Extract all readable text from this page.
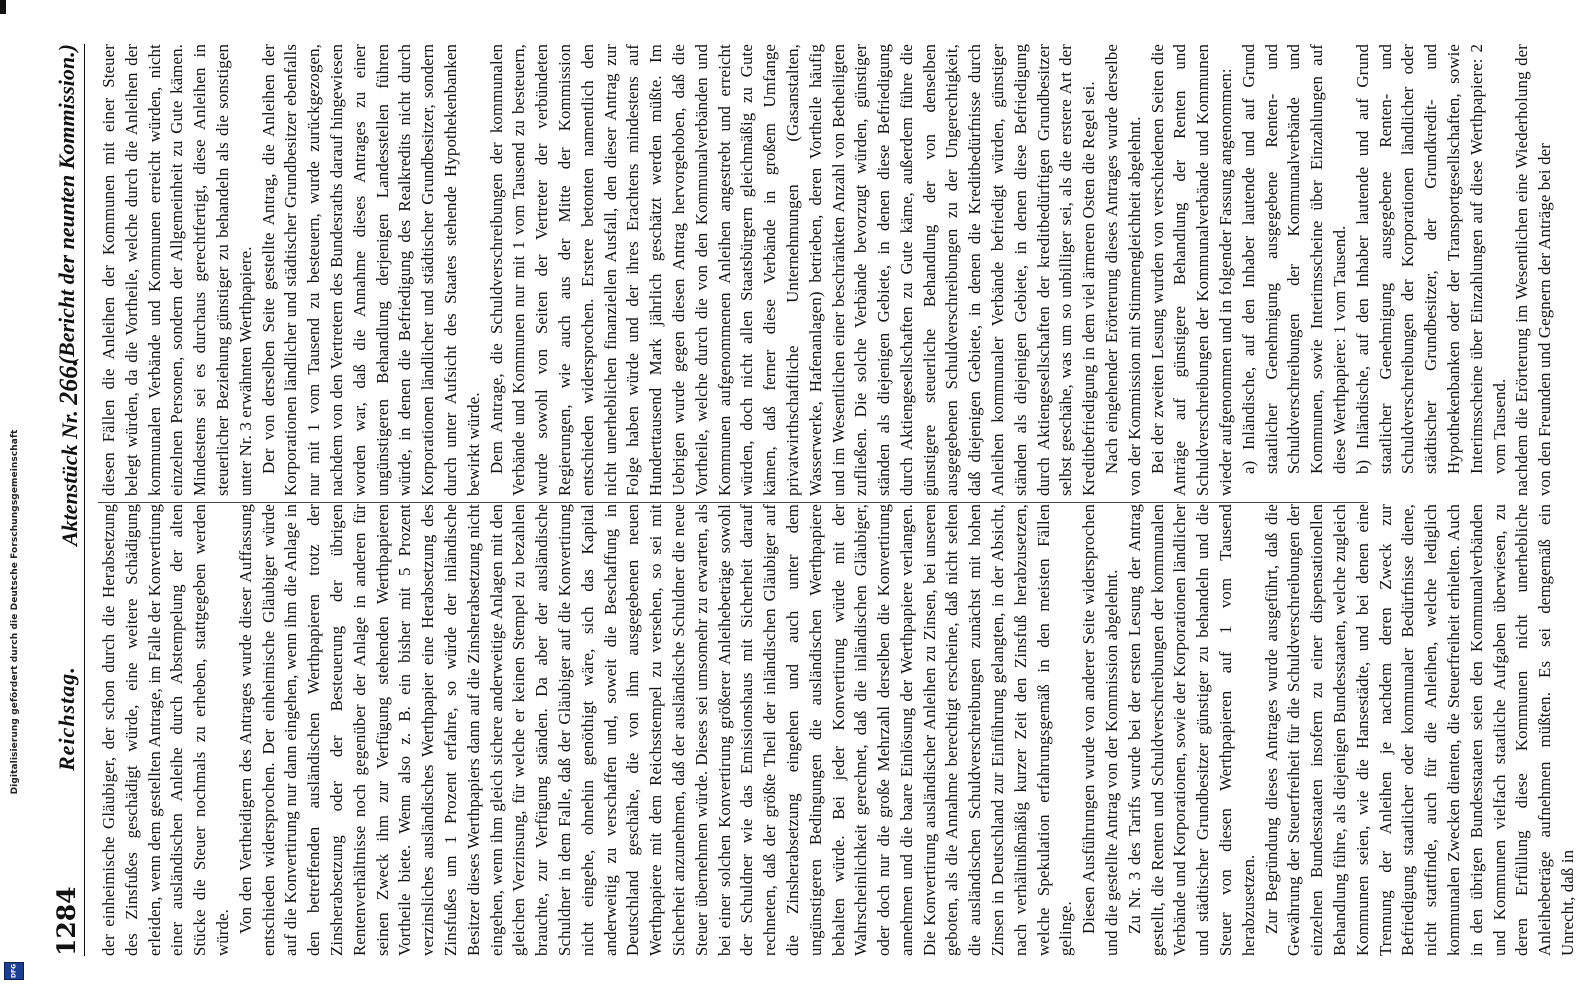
Digitalisierung gefördert durch die Deutsche Forschungsgemeinschaft
DFG
1284
Reichstag.
Aktenstück Nr. 266.
(Bericht der neunten Kommission.)

der einheimische Gläubiger, der schon durch die Herabsetzung des Zinsfußes geschädigt würde, eine weitere Schädigung erleiden, wenn dem gestellten Antrage, im Falle der Konvertirung einer ausländischen Anleihe durch Abstempelung der alten Stücke die Steuer nochmals zu erheben, stattgegeben werden würde. Von den Vertheidigern des Antrages wurde dieser Auffassung entschieden widersprochen. Der einheimische Gläubiger würde auf die Konvertirung nur dann eingehen, wenn ihm die Anlage in den betreffenden ausländischen Werthpapieren trotz der Zinsherabsetzung oder der Besteuerung der übrigen Rentenverhältnisse noch gegenüber der Anlage in anderen für seinen Zweck ihm zur Verfügung stehenden Werthpapieren Vortheile biete. Wenn also z. B. ein bisher mit 5 Prozent verzinsliches ausländisches Werthpapier eine Herabsetzung des Zinsfußes um 1 Prozent erfahre, so würde der inländische Besitzer dieses Werthpapiers dann auf die Zinsherabsetzung nicht eingehen, wenn ihm gleich sichere anderweitige Anlagen mit den gleichen Verzinsung, für welche er keinen Stempel zu bezahlen brauchte, zur Verfügung ständen. Da aber der ausländische Schuldner in dem Falle, daß der Gläubiger auf die Konvertirung nicht eingehe, ohnehin genöthigt wäre, sich das Kapital anderweitig zu verschaffen und, soweit die Beschaffung in Deutschland geschähe, die von ihm ausgegebenen neuen Werthpapiere mit dem Reichsstempel zu versehen, so sei mit Sicherheit anzunehmen, daß der ausländische Schuldner die neue Steuer übernehmen würde. Dieses sei umsomehr zu erwarten, als bei einer solchen Konvertirung größerer Anleihebeträge sowohl der Schuldner wie das Emissionshaus mit Sicherheit darauf rechneten, daß der größte Theil der inländischen Gläubiger auf die Zinsherabsetzung eingehen und auch unter dem ungünstigeren Bedingungen die ausländischen Werthpapiere behalten würde. Bei jeder Konvertirung würde mit der Wahrscheinlichkeit gerechnet, daß die inländischen Gläubiger, oder doch nur die große Mehrzahl derselben die Konvertirung annehmen und die baare Einlösung der Werthpapiere verlangen. Die Konvertirung ausländischer Anleihen zu Zinsen, bei unseren geboten, als die Annahme berechtigt erscheine, daß nicht selten die ausländischen Schuldverschreibungen zunächst mit hohen Zinsen in Deutschland zur Einführung gelangten, in der Absicht, nach verhältnißmäßig kurzer Zeit den Zinsfuß herabzusetzen, welche Spekulation erfahrungsgemäß in den meisten Fällen gelinge. Diesen Ausführungen wurde von anderer Seite widersprochen und die gestellte Antrag von der Kommission abgelehnt. Zu Nr. 3 des Tarifs wurde bei der ersten Lesung der Antrag gestellt, die Renten und Schuldverschreibungen der kommunalen Verbände und Korporationen, sowie der Korporationen ländlicher und städtischer Grundbesitzer günstiger zu behandeln und die Steuer von diesen Werthpapieren auf 1 vom Tausend herabzusetzen. Zur Begründung dieses Antrages wurde ausgeführt, daß die Gewährung der Steuerfreiheit für die Schuldverschreibungen der einzelnen Bundesstaaten insofern zu einer dispensationellen Behandlung führe, als diejenigen Bundesstaaten, welche zugleich Kommunen seien, wie die Hansestädte, und bei denen eine Trennung der Anleihen je nachdem deren Zweck zur Befriedigung staatlicher oder kommunaler Bedürfnisse diene, nicht stattfinde, auch für die Anleihen, welche lediglich kommunalen Zwecken dienten, die Steuerfreiheit erhielten. Auch in den übrigen Bundesstaaten seien den Kommunalverbänden und Kommunen vielfach staatliche Aufgaben überwiesen, zu deren Erfüllung diese Kommunen nicht unerhebliche Anleihebeträge aufnehmen müßten. Es sei demgemäß ein Unrecht, daß in

diesen Fällen die Anleihen der Kommunen mit einer Steuer belegt würden, da die Vortheile, welche durch die Anleihen der kommunalen Verbände und Kommunen erreicht würden, nicht einzelnen Personen, sondern der Allgemeinheit zu Gute kämen. Mindestens sei es durchaus gerechtfertigt, diese Anleihen in steuerlicher Beziehung günstiger zu behandeln als die sonstigen unter Nr. 3 erwähnten Werthpapiere. Der von derselben Seite gestellte Antrag, die Anleihen der Korporationen ländlicher und städtischer Grundbesitzer ebenfalls nur mit 1 vom Tausend zu besteuern, wurde zurückgezogen, nachdem von den Vertretern des Bundesraths darauf hingewiesen worden war, daß die Annahme dieses Antrages zu einer ungünstigeren Behandlung derjenigen Landesstellen führen würde, in denen die Befriedigung des Realkredits nicht durch Korporationen ländlicher und städtischer Grundbesitzer, sondern durch unter Aufsicht des Staates stehende Hypothekenbanken bewirkt würde. Dem Antrage, die Schuldverschreibungen der kommunalen Verbände und Kommunen nur mit 1 vom Tausend zu besteuern, wurde sowohl von Seiten der Vertreter der verbündeten Regierungen, wie auch aus der Mitte der Kommission entschieden widersprochen. Erstere betonten namentlich den nicht unerheblichen finanziellen Ausfall, den dieser Antrag zur Folge haben würde und der ihres Erachtens mindestens auf Hunderttausend Mark jährlich geschätzt werden müßte. Im Uebrigen wurde gegen diesen Antrag hervorgehoben, daß die Vortheile, welche durch die von den Kommunalverbänden und Kommunen aufgenommenen Anleihen angestrebt und erreicht würden, doch nicht allen Staatsbürgern gleichmäßig zu Gute kämen, daß ferner diese Verbände in großem Umfange privatwirthschaftliche Unternehmungen (Gasanstalten, Wasserwerke, Hafenanlagen) betrieben, deren Vortheile häufig und im Wesentlichen einer beschränkten Anzahl von Betheiligten zufließen. Die solche Verbände bevorzugt würden, günstiger ständen als diejenigen Gebiete, in denen diese Befriedigung durch Aktiengesellschaften zu Gute käme, außerdem führe die günstigere steuerliche Behandlung der von denselben ausgegebenen Schuldverschreibungen zu der Ungerechtigkeit, daß diejenigen Gebiete, in denen die Kreditbedürfnisse durch Anleihen kommunaler Verbände befriedigt würden, günstiger ständen als diejenigen Gebiete, in denen diese Befriedigung durch Aktiengesellschaften der kreditbedürftigen Grundbesitzer selbst geschähe, was um so unbilliger sei, als die erstere Art der Kreditbefriedigung in dem viel ärmeren Osten die Regel sei. Nach eingehender Erörterung dieses Antrages wurde derselbe von der Kommission mit Stimmengleichheit abgelehnt. Bei der zweiten Lesung wurden von verschiedenen Seiten die Anträge auf günstigere Behandlung der Renten und Schuldverschreibungen der Kommunalverbände und Kommunen wieder aufgenommen und in folgender Fassung angenommen: a) Inländische, auf den Inhaber lautende und auf Grund staatlicher Genehmigung ausgegebene Renten- und Schuldverschreibungen der Kommunalverbände und Kommunen, sowie Interimsscheine über Einzahlungen auf diese Werthpapiere: 1 vom Tausend. b) Inländische, auf den Inhaber lautende und auf Grund staatlicher Genehmigung ausgegebene Renten- und Schuldverschreibungen der Korporationen ländlicher oder städtischer Grundbesitzer, der Grundkredit- und Hypothekenbanken oder der Transportgesellschaften, sowie Interimsscheine über Einzahlungen auf diese Werthpapiere: 2 vom Tausend. nachdem die Erörterung im Wesentlichen eine Wiederholung der von den Freunden und Gegnern der Anträge bei der
